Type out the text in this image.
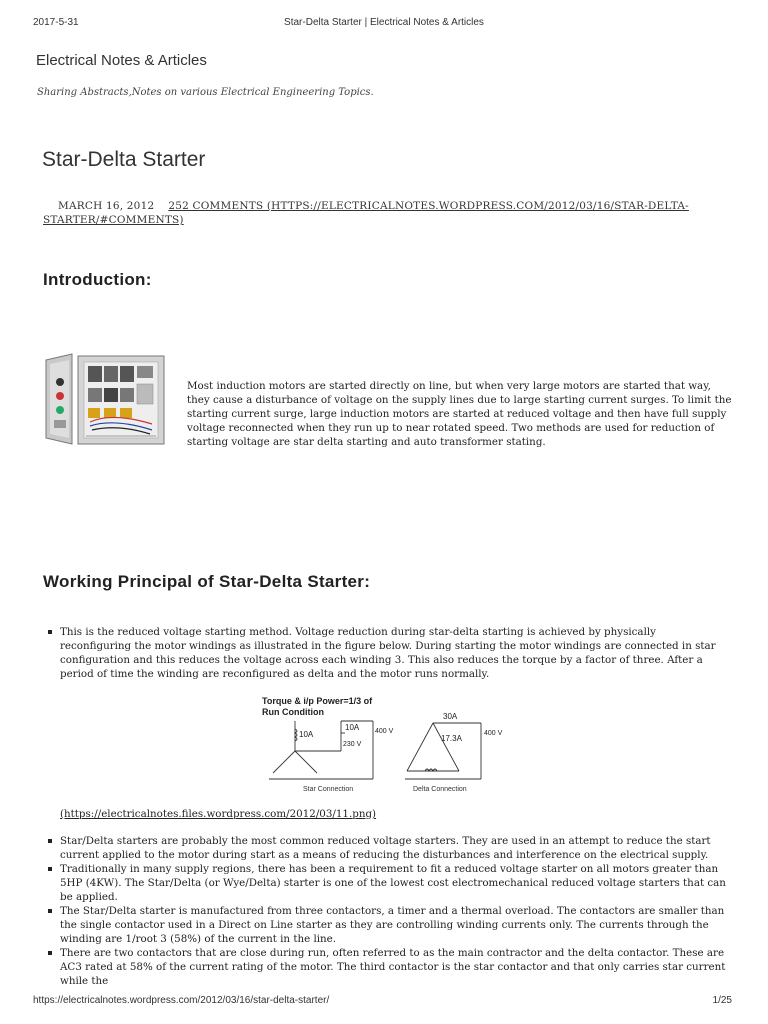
2017-5-31	Star-Delta Starter | Electrical Notes & Articles
Electrical Notes & Articles
Sharing Abstracts,Notes on various Electrical Engineering Topics.
Star-Delta Starter
MARCH 16, 2012 252 COMMENTS (HTTPS://ELECTRICALNOTES.WORDPRESS.COM/2012/03/16/STAR-DELTA-STARTER/#COMMENTS)
Introduction:

Most induction motors are started directly on line, but when very large motors are started that way, they cause a disturbance of voltage on the supply lines due to large starting current surges. To limit the starting current surge, large induction motors are started at reduced voltage and then have full supply voltage reconnected when they run up to near rotated speed. Two methods are used for reduction of starting voltage are star delta starting and auto transformer stating.

Working Principal of Star-Delta Starter:
This is the reduced voltage starting method. Voltage reduction during star-delta starting is achieved by physically reconfiguring the motor windings as illustrated in the figure below. During starting the motor windings are connected in star configuration and this reduces the voltage across each winding 3. This also reduces the torque by a factor of three. After a period of time the winding are reconfigured as delta and the motor runs normally.
Torque & i/p Power=1/3 of
Run Condition
10A
10A	400 V
230 V
Star Connection
30A
17.3A
400 V
Delta Connection
(https://electricalnotes.files.wordpress.com/2012/03/11.png)
Star/Delta starters are probably the most common reduced voltage starters. They are used in an attempt to reduce the start current applied to the motor during start as a means of reducing the disturbances and interference on the electrical supply.
Traditionally in many supply regions, there has been a requirement to fit a reduced voltage starter on all motors greater than 5HP (4KW). The Star/Delta (or Wye/Delta) starter is one of the lowest cost electromechanical reduced voltage starters that can be applied.
The Star/Delta starter is manufactured from three contactors, a timer and a thermal overload. The contactors are smaller than the single contactor used in a Direct on Line starter as they are controlling winding currents only. The currents through the winding are 1/root 3 (58%) of the current in the line.
There are two contactors that are close during run, often referred to as the main contractor and the delta contactor. These are AC3 rated at 58% of the current rating of the motor. The third contactor is the star contactor and that only carries star current while the
https://electricalnotes.wordpress.com/2012/03/16/star-delta-starter/	1/25
